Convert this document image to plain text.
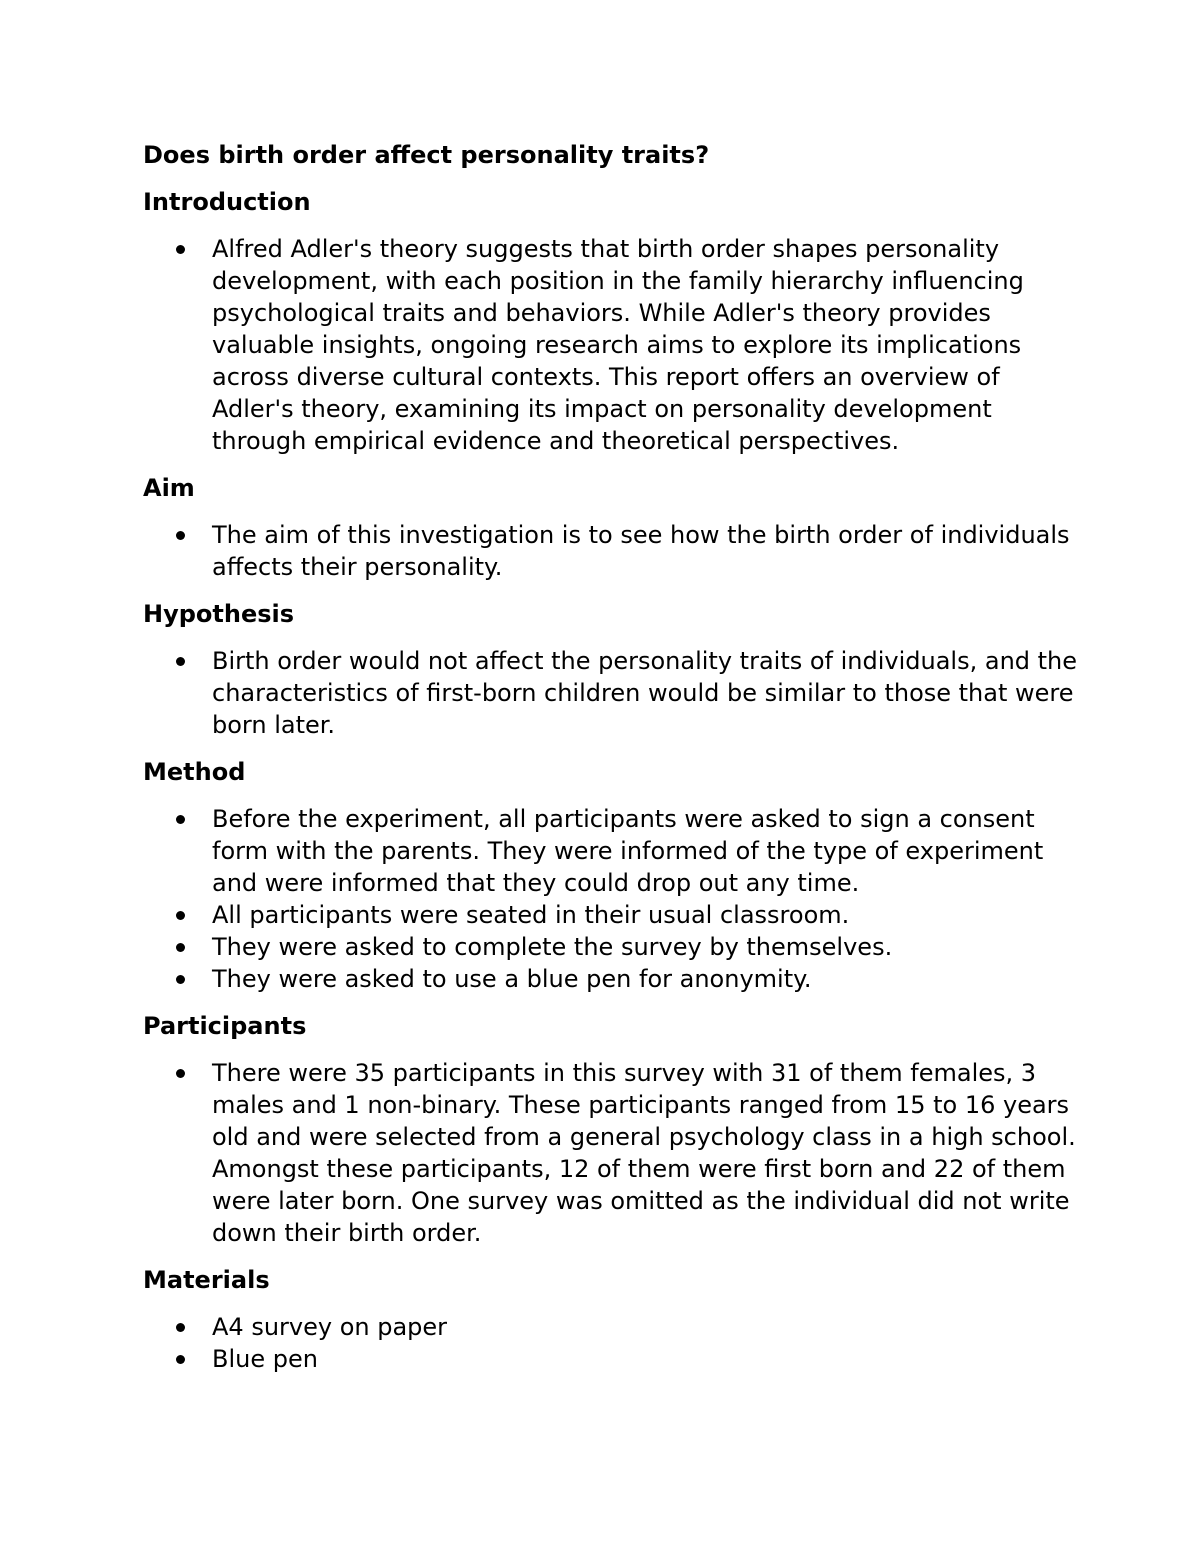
Does birth order affect personality traits?
Introduction
Alfred Adler's theory suggests that birth order shapes personality development, with each position in the family hierarchy influencing psychological traits and behaviors. While Adler's theory provides valuable insights, ongoing research aims to explore its implications across diverse cultural contexts. This report offers an overview of Adler's theory, examining its impact on personality development through empirical evidence and theoretical perspectives.
Aim
The aim of this investigation is to see how the birth order of individuals affects their personality.
Hypothesis
Birth order would not affect the personality traits of individuals, and the characteristics of first-born children would be similar to those that were born later.
Method
Before the experiment, all participants were asked to sign a consent form with the parents. They were informed of the type of experiment and were informed that they could drop out any time.
All participants were seated in their usual classroom.
They were asked to complete the survey by themselves.
They were asked to use a blue pen for anonymity.
Participants
There were 35 participants in this survey with 31 of them females, 3 males and 1 non-binary. These participants ranged from 15 to 16 years old and were selected from a general psychology class in a high school. Amongst these participants, 12 of them were first born and 22 of them were later born. One survey was omitted as the individual did not write down their birth order.
Materials
A4 survey on paper
Blue pen
